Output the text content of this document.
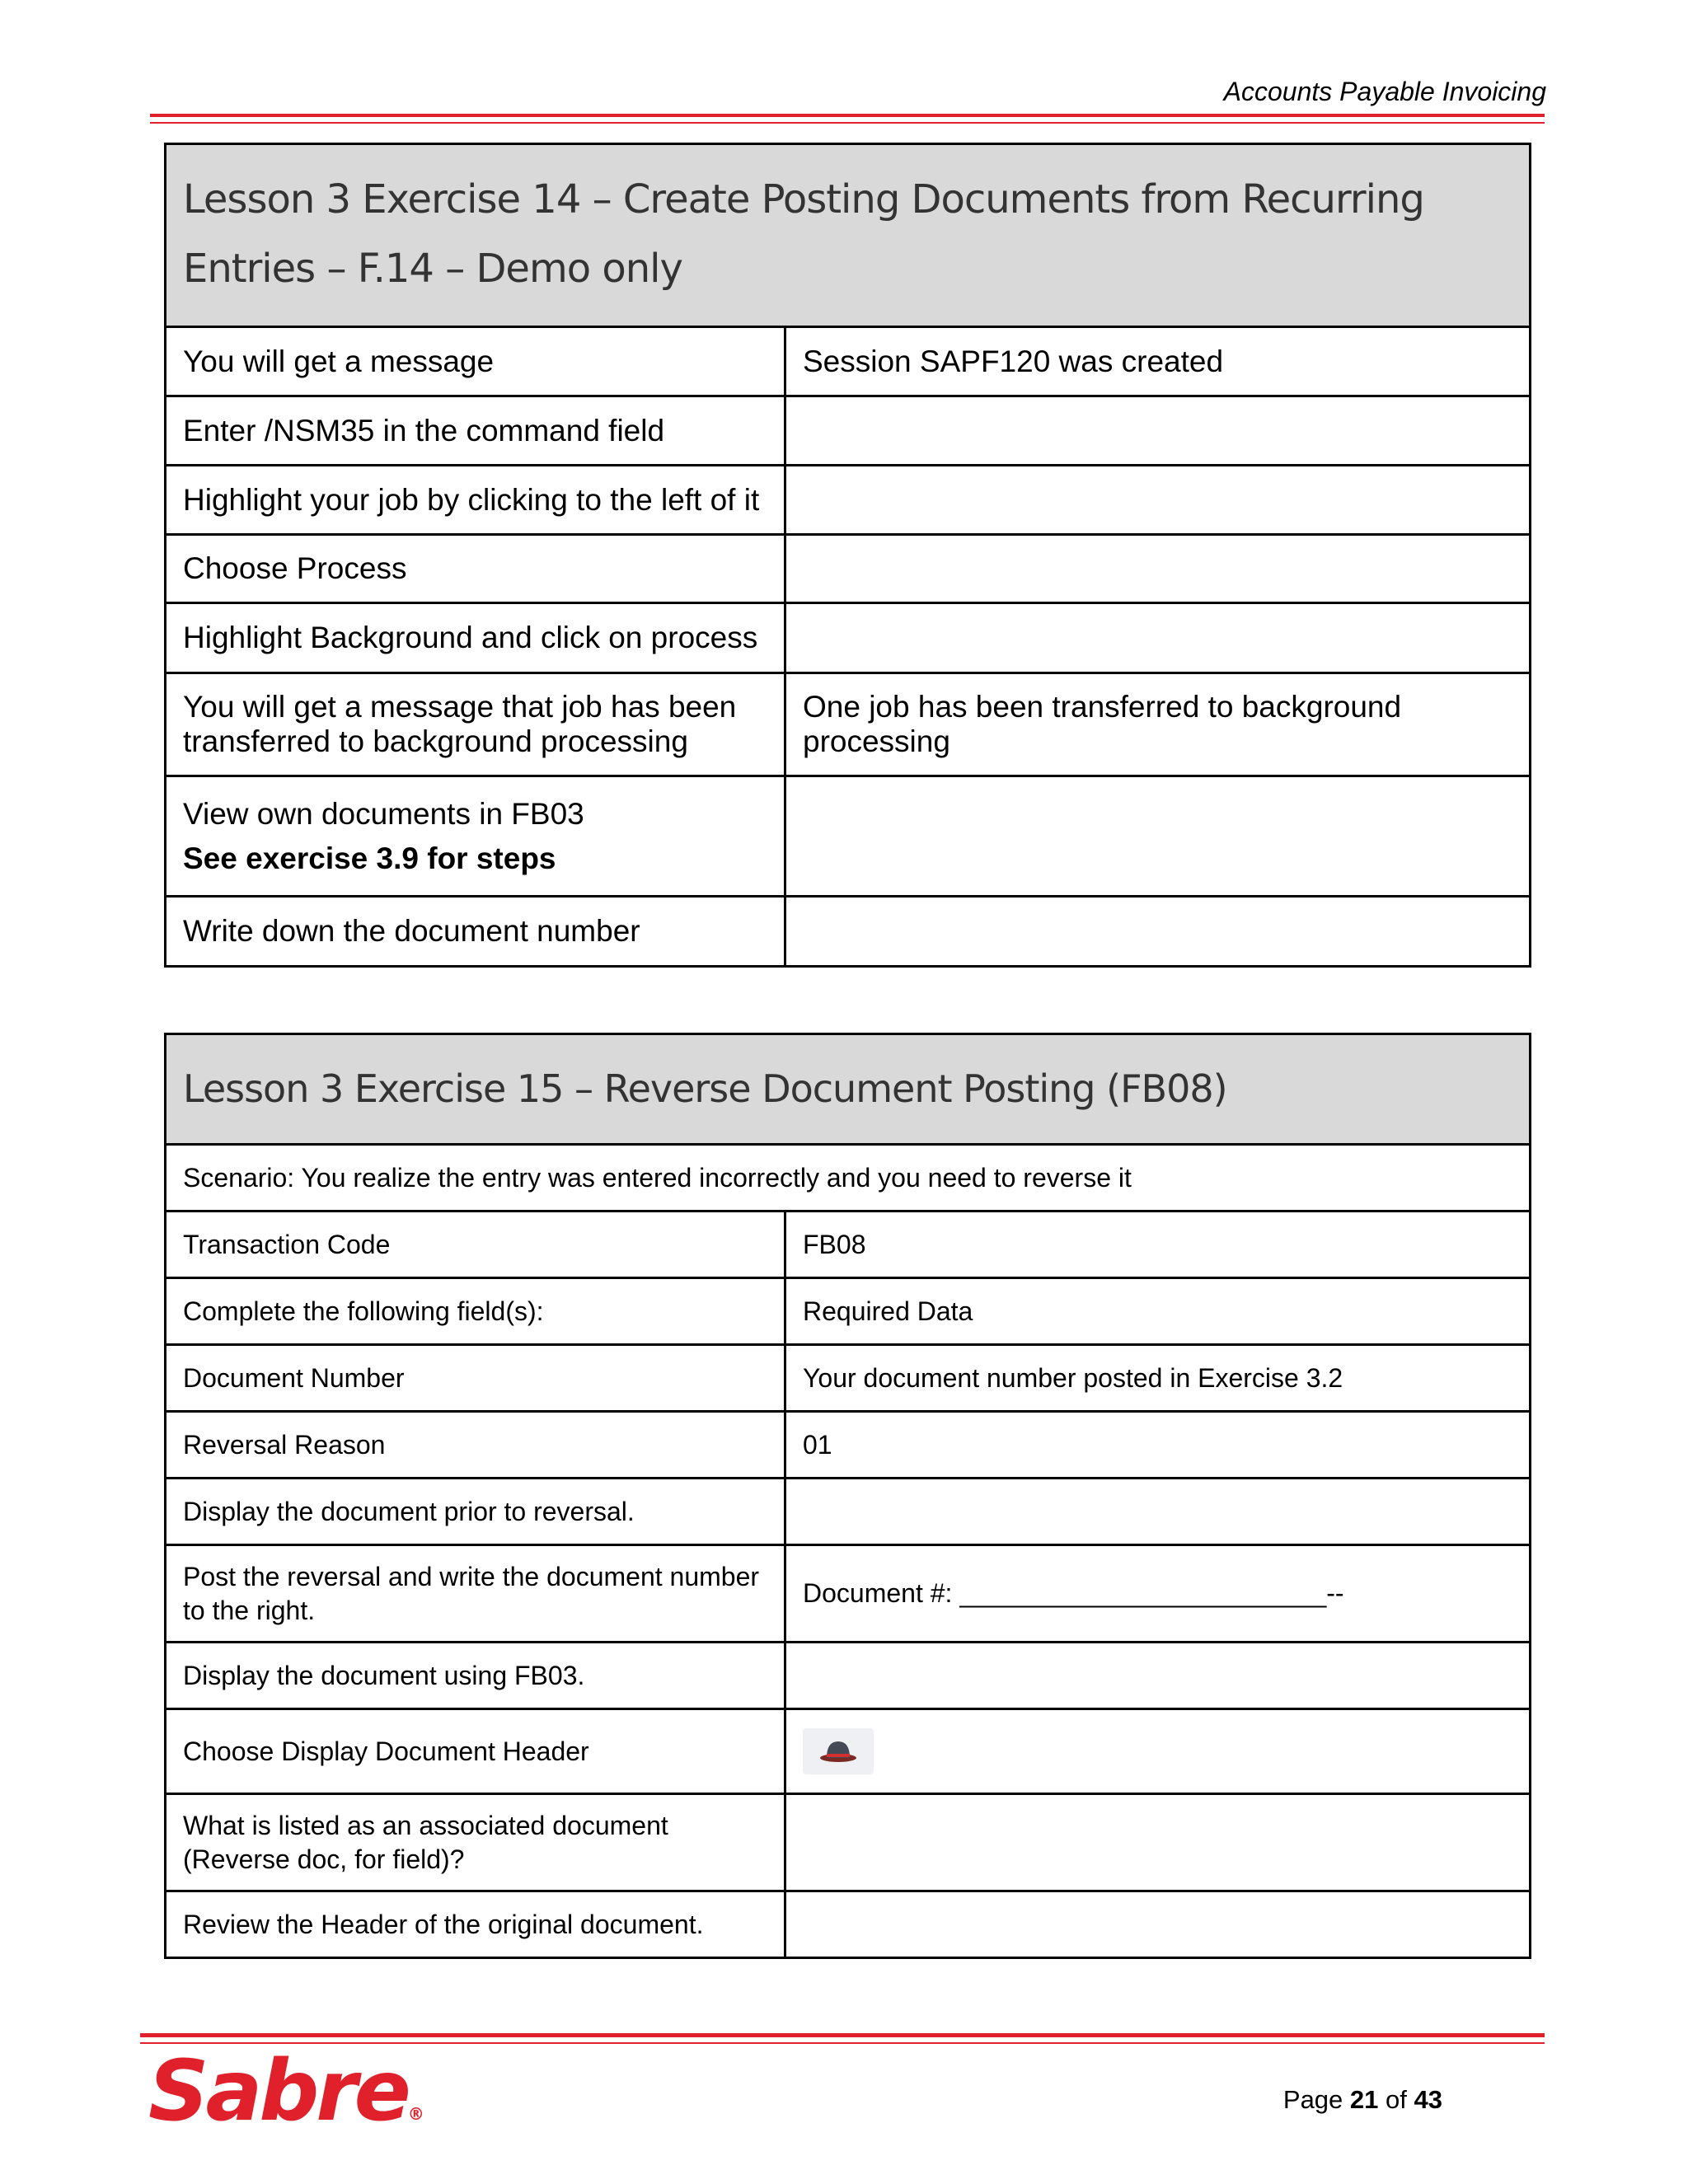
Accounts Payable Invoicing
Lesson 3 Exercise 14 – Create Posting Documents from Recurring Entries – F.14 – Demo only	
You will get a message	Session SAPF120 was created
Enter /NSM35 in the command field	
Highlight your job by clicking to the left of it	
Choose Process	
Highlight Background and click on process	
You will get a message that job has been transferred to background processing	One job has been transferred to background processing
View own documents in FB03
See exercise 3.9 for steps	

Write down the document number	
Lesson 3 Exercise 15 – Reverse Document Posting (FB08)	
Scenario: You realize the entry was entered incorrectly and you need to reverse it	
Transaction Code	FB08
Complete the following field(s):	Required Data
Document Number	Your document number posted in Exercise 3.2
Reversal Reason	01
Display the document prior to reversal.	
Post the reversal and write the document number to the right.	Document #: _________________________--
Display the document using FB03.	
Choose Display Document Header	

What is listed as an associated document (Reverse doc, for field)?	
Review the Header of the original document.	
Sabre®	Page 21 of 43
